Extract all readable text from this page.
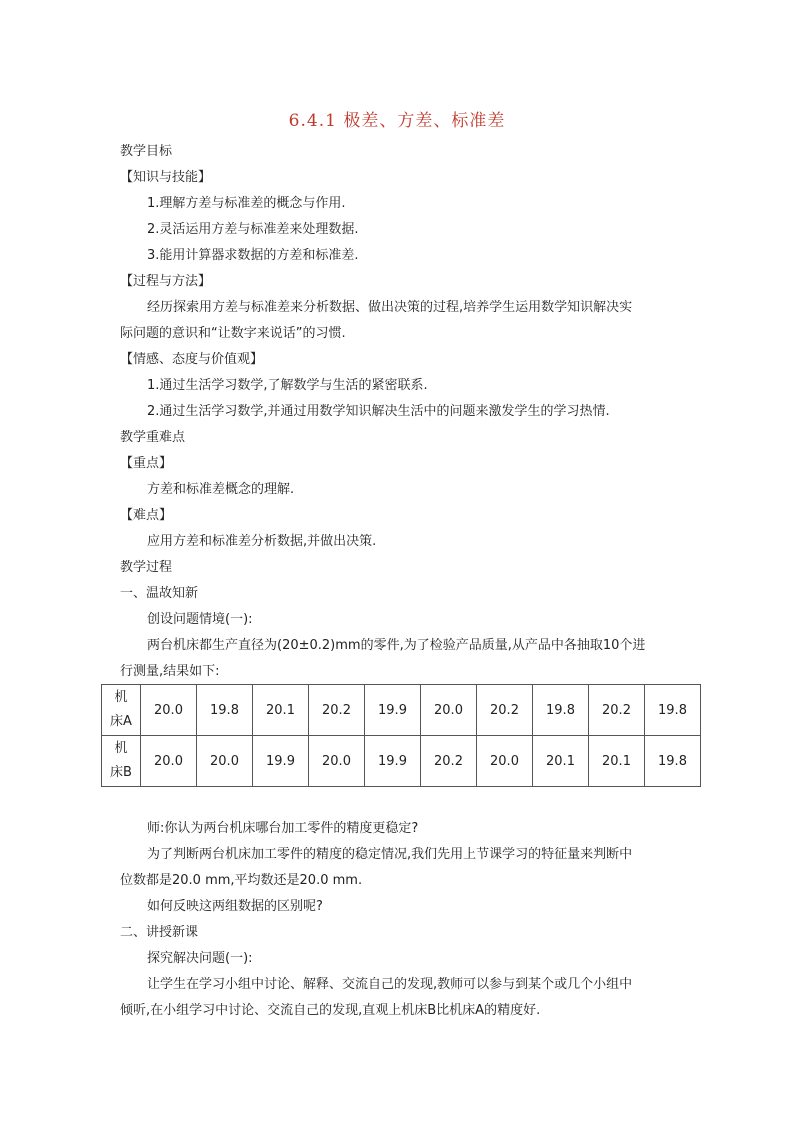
6.4.1 极差、方差、标准差
教学目标
【知识与技能】
1.理解方差与标准差的概念与作用.
2.灵活运用方差与标准差来处理数据.
3.能用计算器求数据的方差和标准差.
【过程与方法】
经历探索用方差与标准差来分析数据、做出决策的过程,培养学生运用数学知识解决实
际问题的意识和“让数字来说话”的习惯.
【情感、态度与价值观】
1.通过生活学习数学,了解数学与生活的紧密联系.
2.通过生活学习数学,并通过用数学知识解决生活中的问题来激发学生的学习热情.
教学重难点
【重点】
方差和标准差概念的理解.
【难点】
应用方差和标准差分析数据,并做出决策.
教学过程
一、温故知新
创设问题情境(一):
两台机床都生产直径为(20±0.2)mm的零件,为了检验产品质量,从产品中各抽取10个进
行测量,结果如下:
机
床A	20.0	19.8	20.1	20.2	19.9	20.0	20.2	19.8	20.2	19.8
机
床B	20.0	20.0	19.9	20.0	19.9	20.2	20.0	20.1	20.1	19.8
师:你认为两台机床哪台加工零件的精度更稳定?
为了判断两台机床加工零件的精度的稳定情况,我们先用上节课学习的特征量来判断中
位数都是20.0 mm,平均数还是20.0 mm.
如何反映这两组数据的区别呢?
二、讲授新课
探究解决问题(一):
让学生在学习小组中讨论、解释、交流自己的发现,教师可以参与到某个或几个小组中
倾听,在小组学习中讨论、交流自己的发现,直观上机床B比机床A的精度好.
